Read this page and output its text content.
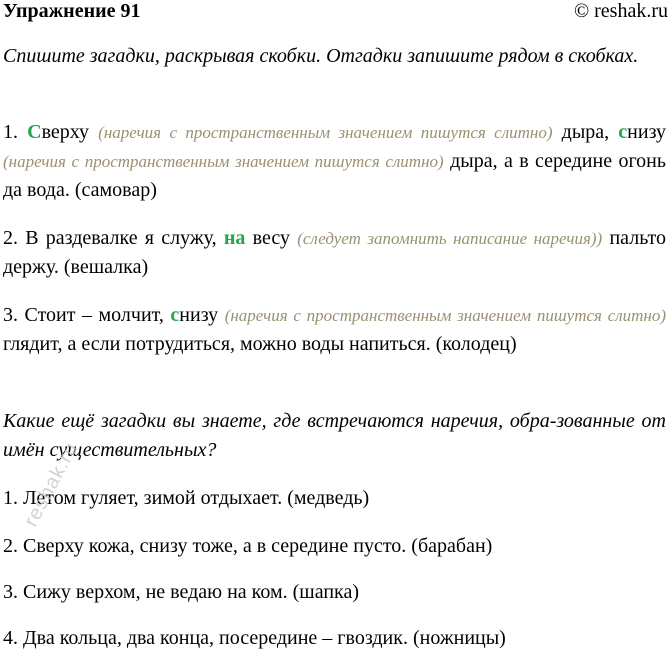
Упражнение 91	© reshak.ru
Спишите загадки, раскрывая скобки. Отгадки запишите рядом в скобках.
1. Сверху (наречия с пространственным значением пишутся слитно) дыра, снизу (наречия с пространственным значением пишутся слитно) дыра, а в середине огонь да вода. (самовар)
2. В раздевалке я служу, на весу (следует запомнить написание наречия)) пальто держу. (вешалка)
3. Стоит – молчит, снизу (наречия с пространственным значением пишутся слитно) глядит, а если потрудиться, можно воды напиться. (колодец)
Какие ещё загадки вы знаете, где встречаются наречия, обра-зованные от имён существительных?
1. Летом гуляет, зимой отдыхает. (медведь)
2. Сверху кожа, снизу тоже, а в середине пусто. (барабан)
3. Сижу верхом, не ведаю на ком. (шапка)
4. Два кольца, два конца, посередине – гвоздик. (ножницы)
reshak.ru
